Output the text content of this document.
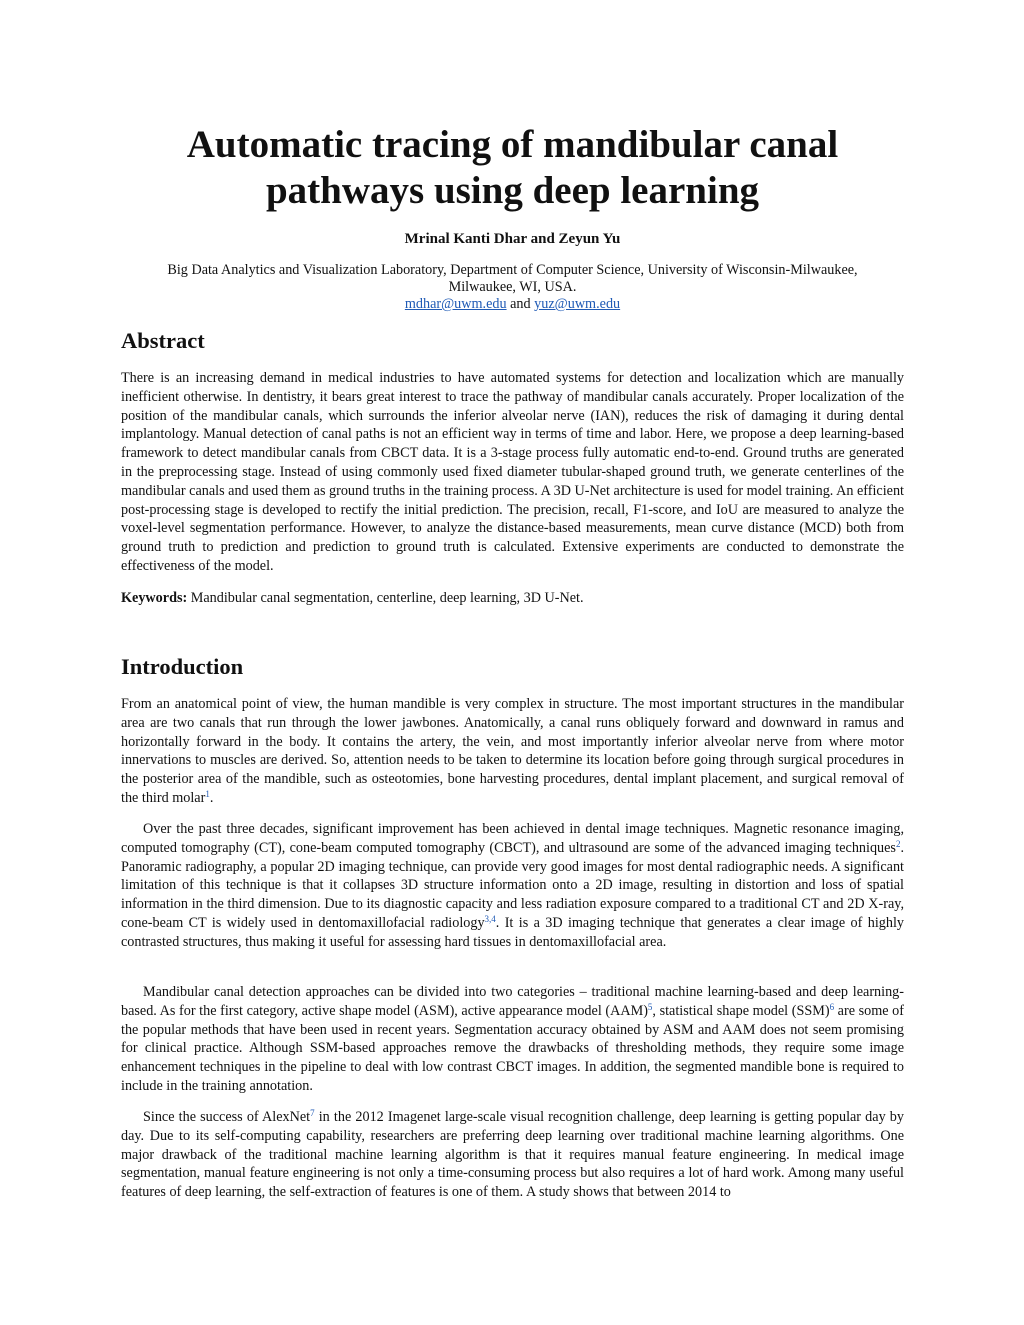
Automatic tracing of mandibular canal
pathways using deep learning

Mrinal Kanti Dhar and Zeyun Yu

Big Data Analytics and Visualization Laboratory, Department of Computer Science, University of Wisconsin-Milwaukee,
Milwaukee, WI, USA.
mdhar@uwm.edu and yuz@uwm.edu

Abstract

There is an increasing demand in medical industries to have automated systems for detection and localization which are manually inefficient otherwise. In dentistry, it bears great interest to trace the pathway of mandibular canals accurately. Proper localization of the position of the mandibular canals, which surrounds the inferior alveolar nerve (IAN), reduces the risk of damaging it during dental implantology. Manual detection of canal paths is not an efficient way in terms of time and labor. Here, we propose a deep learning-based framework to detect mandibular canals from CBCT data. It is a 3-stage process fully automatic end-to-end. Ground truths are generated in the preprocessing stage. Instead of using commonly used fixed diameter tubular-shaped ground truth, we generate centerlines of the mandibular canals and used them as ground truths in the training process. A 3D U-Net architecture is used for model training. An efficient post-processing stage is developed to rectify the initial prediction. The precision, recall, F1-score, and IoU are measured to analyze the voxel-level segmentation performance. However, to analyze the distance-based measurements, mean curve distance (MCD) both from ground truth to prediction and prediction to ground truth is calculated. Extensive experiments are conducted to demonstrate the effectiveness of the model.

Keywords: Mandibular canal segmentation, centerline, deep learning, 3D U-Net.

Introduction

From an anatomical point of view, the human mandible is very complex in structure. The most important structures in the mandibular area are two canals that run through the lower jawbones. Anatomically, a canal runs obliquely forward and downward in ramus and horizontally forward in the body. It contains the artery, the vein, and most importantly inferior alveolar nerve from where motor innervations to muscles are derived. So, attention needs to be taken to determine its location before going through surgical procedures in the posterior area of the mandible, such as osteotomies, bone harvesting procedures, dental implant placement, and surgical removal of the third molar$^1$.

Over the past three decades, significant improvement has been achieved in dental image techniques. Magnetic resonance imaging, computed tomography (CT), cone-beam computed tomography (CBCT), and ultrasound are some of the advanced imaging techniques$^2$. Panoramic radiography, a popular 2D imaging technique, can provide very good images for most dental radiographic needs. A significant limitation of this technique is that it collapses 3D structure information onto a 2D image, resulting in distortion and loss of spatial information in the third dimension. Due to its diagnostic capacity and less radiation exposure compared to a traditional CT and 2D X-ray, cone-beam CT is widely used in dentomaxillofacial radiology$^{3,4}$. It is a 3D imaging technique that generates a clear image of highly contrasted structures, thus making it useful for assessing hard tissues in dentomaxillofacial area.

Mandibular canal detection approaches can be divided into two categories – traditional machine learning-based and deep learning-based. As for the first category, active shape model (ASM), active appearance model (AAM)$^5$, statistical shape model (SSM)$^6$ are some of the popular methods that have been used in recent years. Segmentation accuracy obtained by ASM and AAM does not seem promising for clinical practice. Although SSM-based approaches remove the drawbacks of thresholding methods, they require some image enhancement techniques in the pipeline to deal with low contrast CBCT images. In addition, the segmented mandible bone is required to include in the training annotation.

Since the success of AlexNet$^7$ in the 2012 Imagenet large-scale visual recognition challenge, deep learning is getting popular day by day. Due to its self-computing capability, researchers are preferring deep learning over traditional machine learning algorithms. One major drawback of the traditional machine learning algorithm is that it requires manual feature engineering. In medical image segmentation, manual feature engineering is not only a time-consuming process but also requires a lot of hard work. Among many useful features of deep learning, the self-extraction of features is one of them. A study shows that between 2014 to
